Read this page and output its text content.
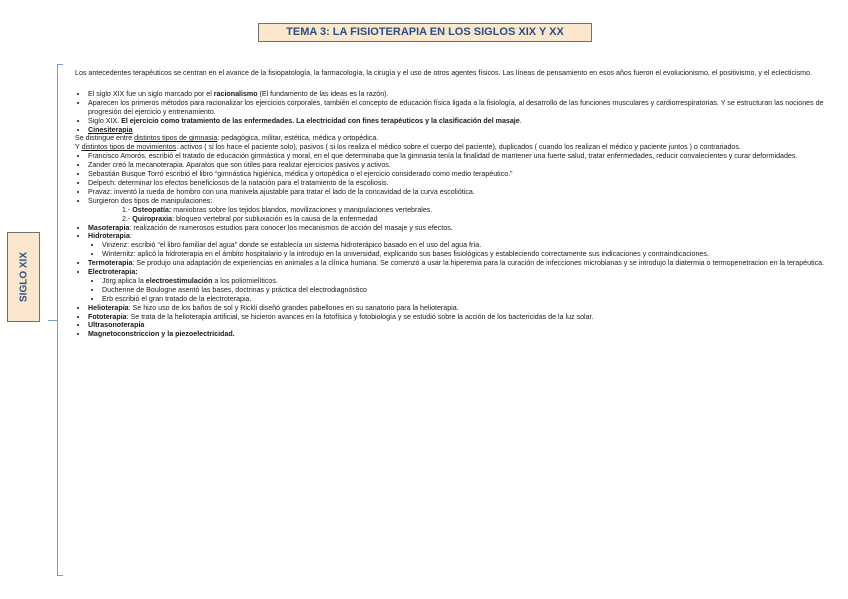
TEMA 3: LA FISIOTERAPIA EN LOS SIGLOS XIX Y XX
SIGLO XIX

Los antecedentes terapéuticos se centran en el avance de la fisiopatología, la farmacología, la cirugía y el uso de otros agentes físicos. Las líneas de pensamiento en esos años fueron el evolucionismo, el positivismo, y el eclecticismo.

• El siglo XIX fue un siglo marcado por el racionalismo (El fundamento de las ideas es la razón).
• Aparecen los primeros métodos para racionalizar los ejercicios corporales, también el concepto de educación física ligada a la fisiología, al desarrollo de las funciones musculares y cardiorrespiratorias. Y se estructuran las nociones de progresión del ejercicio y entrenamiento.
• Siglo XIX. El ejercicio como tratamiento de las enfermedades. La electricidad con fines terapéuticos y la clasificación del masaje.
• Cinesiterapia

Se distingue entre distintos tipos de gimnasia: pedagógica, militar, estética, médica y ortopédica.

Y distintos tipos de movimientos: activos ( si los hace el paciente solo), pasivos ( si los realiza el médico sobre el cuerpo del paciente), duplicados ( cuando los realizan el médico y paciente juntos ) o contrariados.

• Francisco Amorós, escribió el tratado de educación gimnástica y moral, en el que determinaba que la gimnasia tenía la finalidad de mantener una fuerte salud, tratar enfermedades, reducir convalecientes y curar deformidades.
• Zander creó la mecanoterapia. Aparatos que son útiles para realizar ejercicios pasivos y activos.
• Sebastián Busque Torró escribió el libro “gimnástica higiénica, médica y ortopédica o el ejercicio considerado como medio terapéutico.”
• Delpech: determinar los efectos beneficiosos de la natación para el tratamiento de la escoliosis.
• Pravaz: inventó la rueda de hombro con una manivela ajustable para tratar el lado de la concavidad de la curva escoliótica.
• Surgieron dos tipos de manipulaciones:
1.- Osteopatía: maniobras sobre los tejidos blandos, movilizaciones y manipulaciones vertebrales.
2.- Quiropraxia: bloqueo vertebral por subluxación es la causa de la enfermedad
• Masoterapia: realización de numerosos estudios para conocer los mecanismos de acción del masaje y sus efectos.
• Hidroterapia:
• Vinzenz: escribió “el libro familiar del agua” donde se establecía un sistema hidroterápico basado en el uso del agua fría.
• Winternitz: aplicó la hidroterapia en el ámbito hospitalario y la introdujo en la universidad, explicando sus bases fisiológicas y estableciendo correctamente sus indicaciones y contraindicaciones.
• Termoterapia: Se produjo una adaptación de experiencias en animales a la clínica humana. Se comenzó a usar la hiperemia para la curación de infecciones microbianas y se introdujo la diatermia o termopenetracion en la terapéutica.
• Electroterapia:
• Jörg aplica la electroestimulación a los poliomielíticos.
• Duchenne de Boulogne asentó las bases, doctrinas y práctica del electrodiagnóstico
• Erb escribió el gran tratado de la electroterapia.
• Helioterapia: Se hizo uso de los baños de sol y Rickli diseñó grandes pabellones en su sanatorio para la helioterapia.
• Fototerapia: Se trata de la helioterapia artificial, se hicieron avances en la fotofísica y fotobiología y se estudió sobre la acción de los bactericidas de la luz solar.
• Ultrasonoterapia
• Magnetoconstriccion y la piezoelectricidad.
